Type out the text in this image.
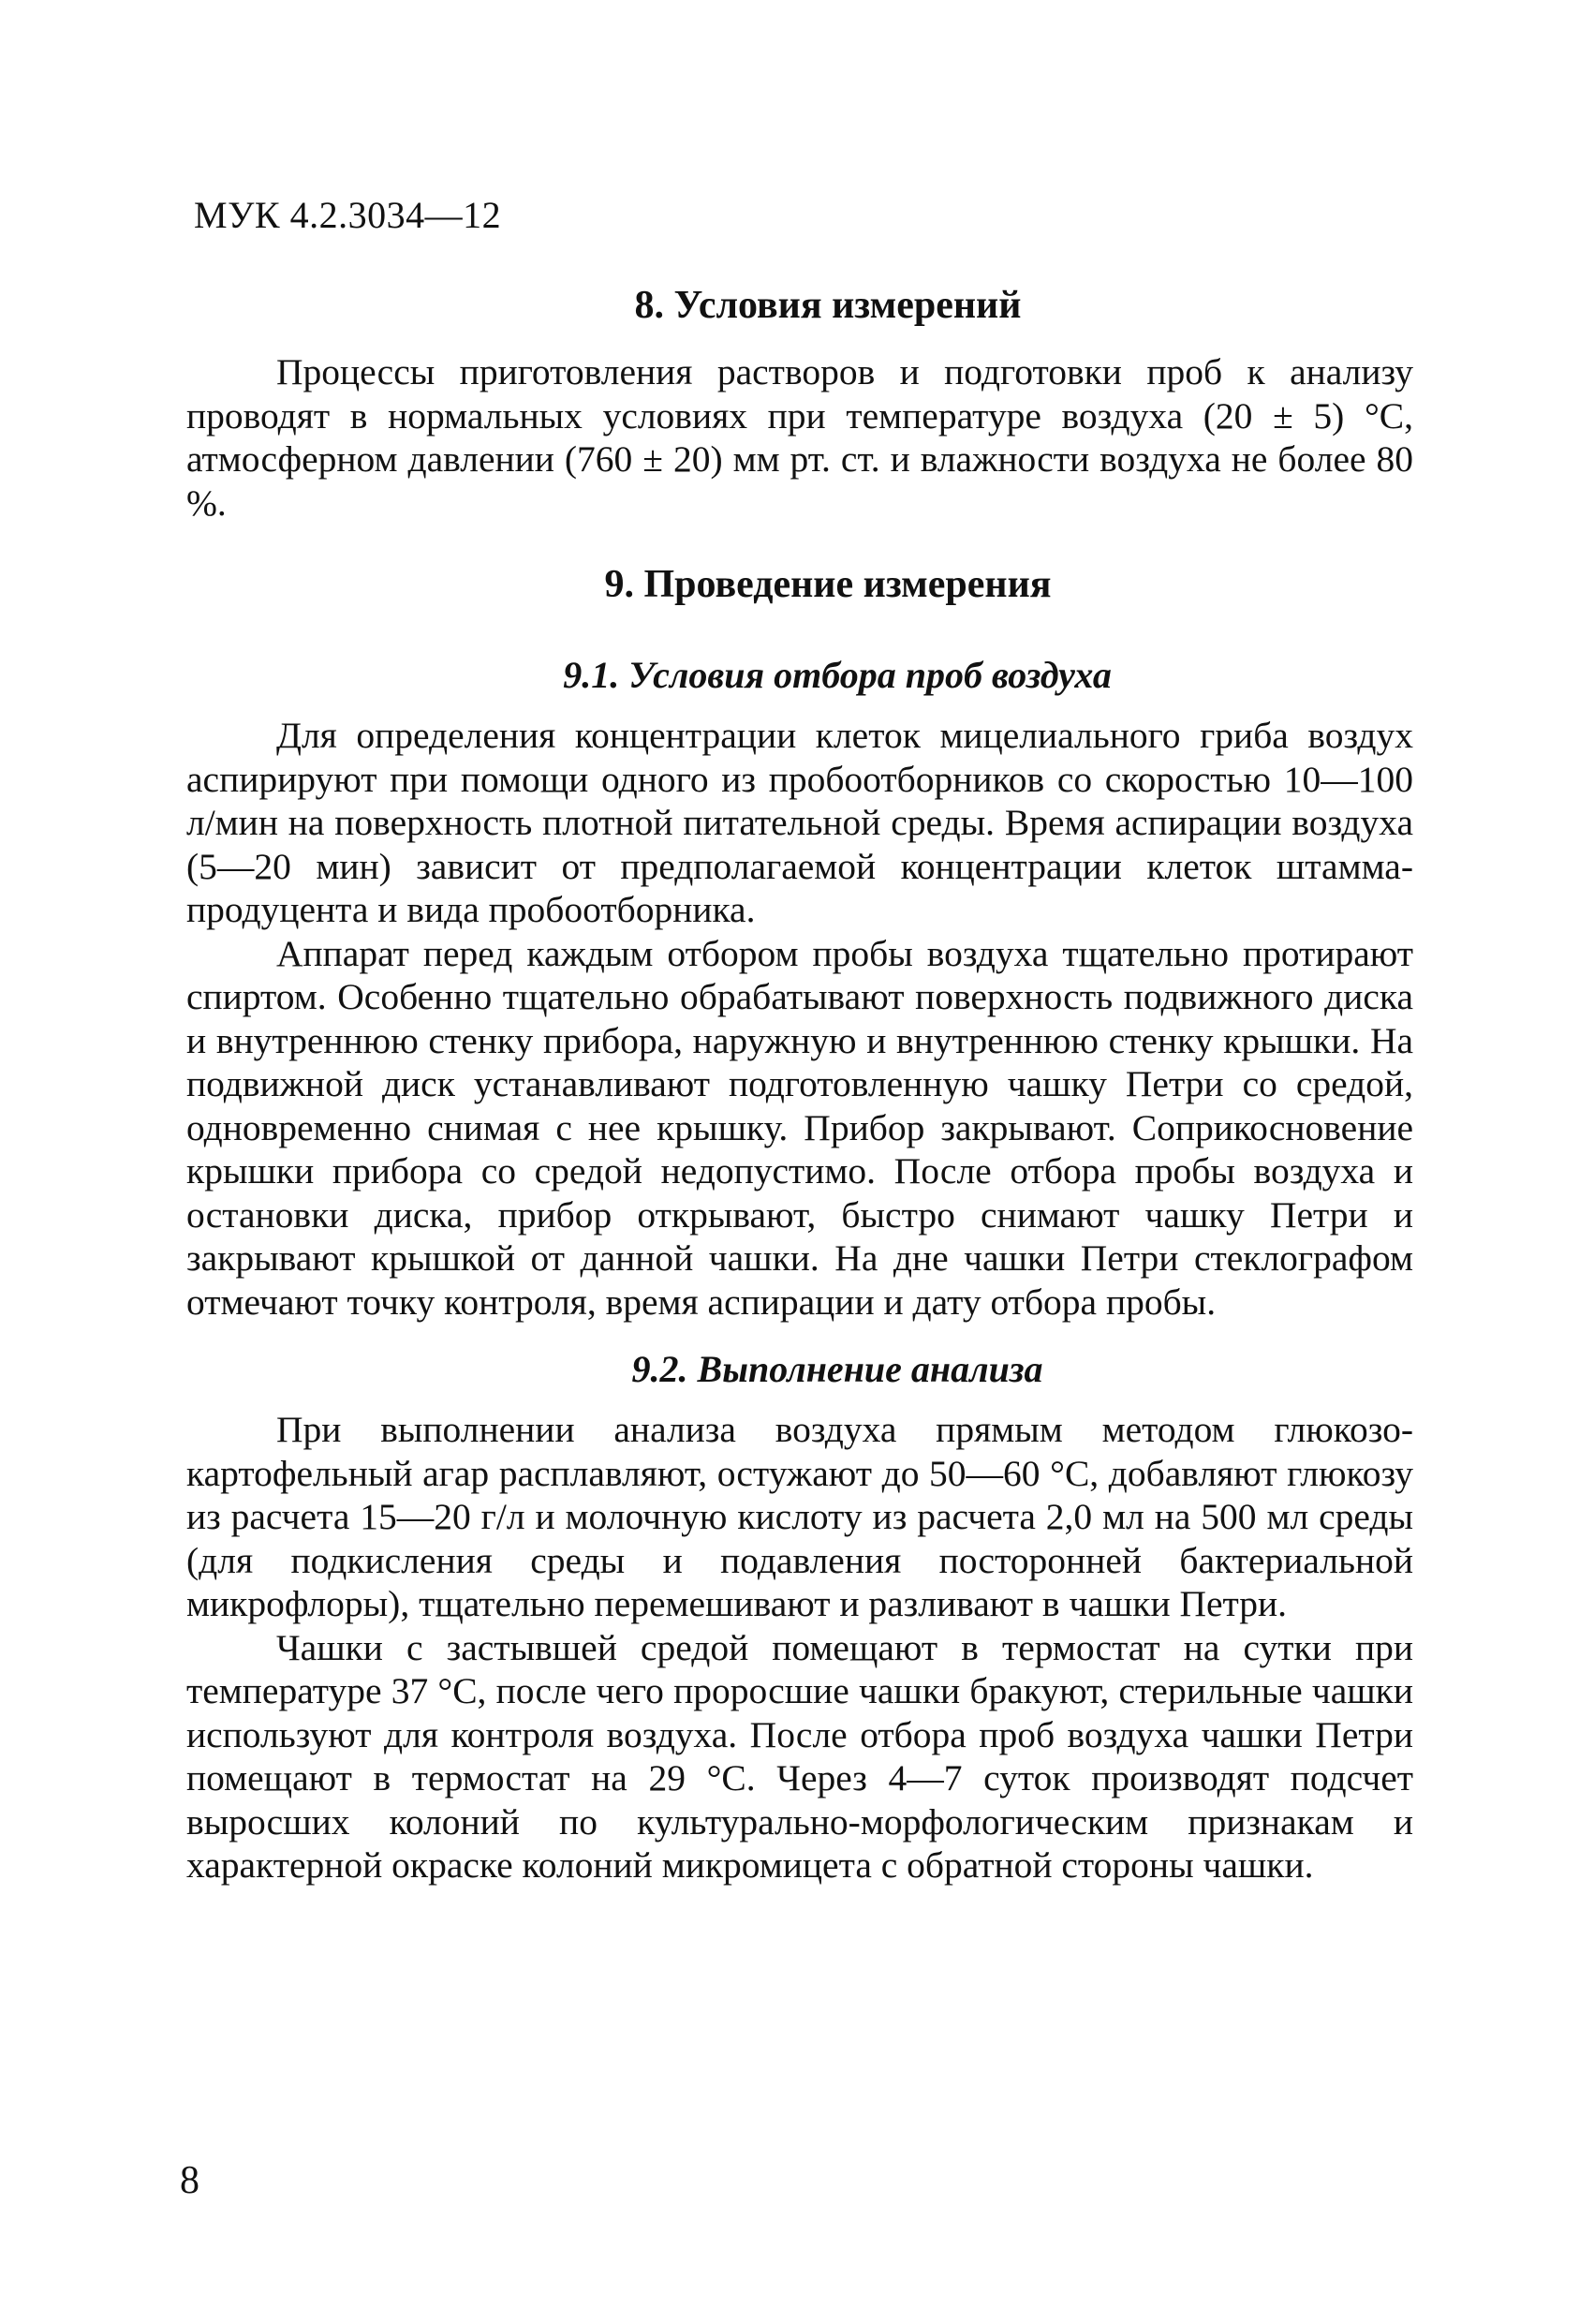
МУК 4.2.3034—12
8. Условия измерений

Процессы приготовления растворов и подготовки проб к анализу проводят в нормальных условиях при температуре воздуха (20 ± 5) °С, атмосферном давлении (760 ± 20) мм рт. ст. и влажности воздуха не более 80 %.

9. Проведение измерения
9.1. Условия отбора проб воздуха

Для определения концентрации клеток мицелиального гриба воздух аспирируют при помощи одного из пробоотборников со скоростью 10—100 л/мин на поверхность плотной питательной среды. Время аспирации воздуха (5—20 мин) зависит от предполагаемой концентрации клеток штамма-продуцента и вида пробоотборника.

Аппарат перед каждым отбором пробы воздуха тщательно протирают спиртом. Особенно тщательно обрабатывают поверхность подвижного диска и внутреннюю стенку прибора, наружную и внутреннюю стенку крышки. На подвижной диск устанавливают подготовленную чашку Петри со средой, одновременно снимая с нее крышку. Прибор закрывают. Соприкосновение крышки прибора со средой недопустимо. После отбора пробы воздуха и остановки диска, прибор открывают, быстро снимают чашку Петри и закрывают крышкой от данной чашки. На дне чашки Петри стеклографом отмечают точку контроля, время аспирации и дату отбора пробы.

9.2. Выполнение анализа

При выполнении анализа воздуха прямым методом глюкозокартофельный агар расплавляют, остужают до 50—60 °С, добавляют глюкозу из расчета 15—20 г/л и молочную кислоту из расчета 2,0 мл на 500 мл среды (для подкисления среды и подавления посторонней бактериальной микрофлоры), тщательно перемешивают и разливают в чашки Петри.

Чашки с застывшей средой помещают в термостат на сутки при температуре 37 °С, после чего проросшие чашки бракуют, стерильные чашки используют для контроля воздуха. После отбора проб воздуха чашки Петри помещают в термостат на 29 °С. Через 4—7 суток производят подсчет выросших колоний по культурально-морфологическим признакам и характерной окраске колоний микромицета с обратной стороны чашки.

8
